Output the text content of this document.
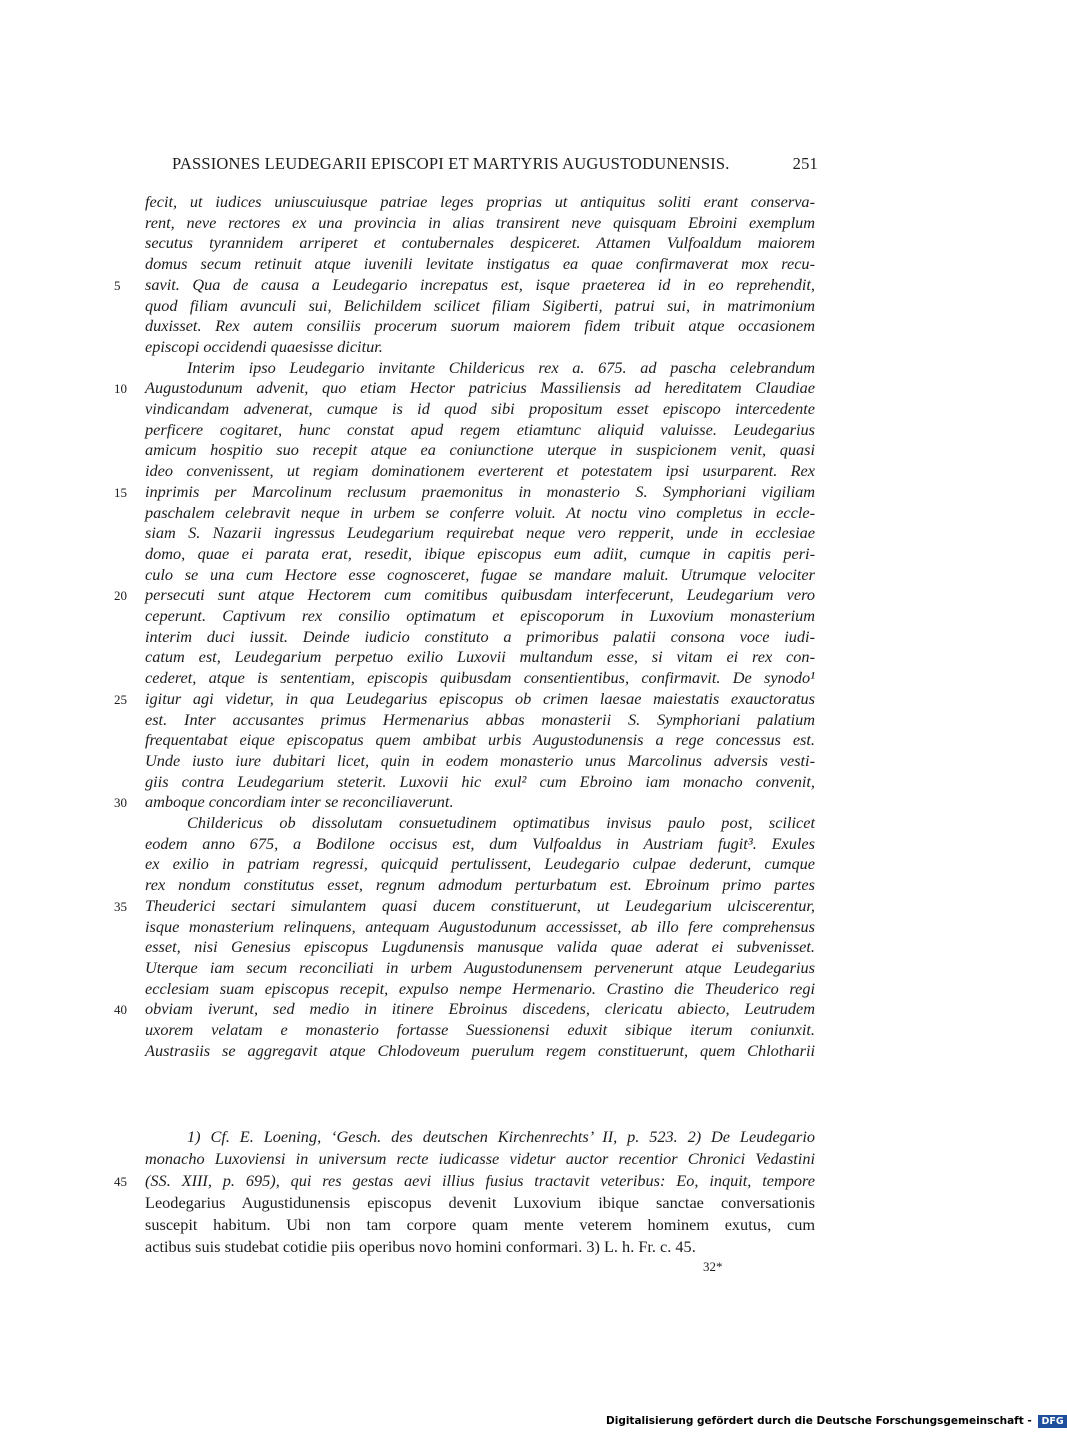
PASSIONES LEUDEGARII EPISCOPI ET MARTYRIS AUGUSTODUNENSIS.	251
fecit, ut iudices uniuscuiusque patriae leges proprias ut antiquitus soliti erant conserva-
rent, neve rectores ex una provincia in alias transirent neve quisquam Ebroini exemplum
secutus tyrannidem arriperet et contubernales despiceret. Attamen Vulfoaldum maiorem
domus secum retinuit atque iuvenili levitate instigatus ea quae confirmaverat mox recu-
savit. Qua de causa a Leudegario increpatus est, isque praeterea id in eo reprehendit,
quod filiam avunculi sui, Belichildem scilicet filiam Sigiberti, patrui sui, in matrimonium
duxisset. Rex autem consiliis procerum suorum maiorem fidem tribuit atque occasionem
episcopi occidendi quaesisse dicitur.
Interim ipso Leudegario invitante Childericus rex a. 675. ad pascha celebrandum
Augustodunum advenit, quo etiam Hector patricius Massiliensis ad hereditatem Claudiae
vindicandam advenerat, cumque is id quod sibi propositum esset episcopo intercedente
perficere cogitaret, hunc constat apud regem etiamtunc aliquid valuisse. Leudegarius
amicum hospitio suo recepit atque ea coniunctione uterque in suspicionem venit, quasi
ideo convenissent, ut regiam dominationem everterent et potestatem ipsi usurparent. Rex
inprimis per Marcolinum reclusum praemonitus in monasterio S. Symphoriani vigiliam
paschalem celebravit neque in urbem se conferre voluit. At noctu vino completus in eccle-
siam S. Nazarii ingressus Leudegarium requirebat neque vero repperit, unde in ecclesiae
domo, quae ei parata erat, resedit, ibique episcopus eum adiit, cumque in capitis peri-
culo se una cum Hectore esse cognosceret, fugae se mandare maluit. Utrumque velociter
persecuti sunt atque Hectorem cum comitibus quibusdam interfecerunt, Leudegarium vero
ceperunt. Captivum rex consilio optimatum et episcoporum in Luxovium monasterium
interim duci iussit. Deinde iudicio constituto a primoribus palatii consona voce iudi-
catum est, Leudegarium perpetuo exilio Luxovii multandum esse, si vitam ei rex con-
cederet, atque is sententiam, episcopis quibusdam consentientibus, confirmavit. De synodo¹
igitur agi videtur, in qua Leudegarius episcopus ob crimen laesae maiestatis exauctoratus
est. Inter accusantes primus Hermenarius abbas monasterii S. Symphoriani palatium
frequentabat eique episcopatus quem ambibat urbis Augustodunensis a rege concessus est.
Unde iusto iure dubitari licet, quin in eodem monasterio unus Marcolinus adversis vesti-
giis contra Leudegarium steterit. Luxovii hic exul² cum Ebroino iam monacho convenit,
amboque concordiam inter se reconciliaverunt.
Childericus ob dissolutam consuetudinem optimatibus invisus paulo post, scilicet
eodem anno 675, a Bodilone occisus est, dum Vulfoaldus in Austriam fugit³. Exules
ex exilio in patriam regressi, quicquid pertulissent, Leudegario culpae dederunt, cumque
rex nondum constitutus esset, regnum admodum perturbatum est. Ebroinum primo partes
Theuderici sectari simulantem quasi ducem constituerunt, ut Leudegarium ulciscerentur,
isque monasterium relinquens, antequam Augustodunum accessisset, ab illo fere comprehensus
esset, nisi Genesius episcopus Lugdunensis manusque valida quae aderat ei subvenisset.
Uterque iam secum reconciliati in urbem Augustodunensem pervenerunt atque Leudegarius
ecclesiam suam episcopus recepit, expulso nempe Hermenario. Crastino die Theuderico regi
obviam iverunt, sed medio in itinere Ebroinus discedens, clericatu abiecto, Leutrudem
uxorem velatam e monasterio fortasse Suessionensi eduxit sibique iterum coniunxit.
Austrasiis se aggregavit atque Chlodoveum puerulum regem constituerunt, quem Chlotharii
5
10
15
20
25
30
35
40
1) Cf. E. Loening, ‘Gesch. des deutschen Kirchenrechts’ II, p. 523. 2) De Leudegario
monacho Luxoviensi in universum recte iudicasse videtur auctor recentior Chronici Vedastini
(SS. XIII, p. 695), qui res gestas aevi illius fusius tractavit veteribus: Eo, inquit, tempore
Leodegarius Augustidunensis episcopus devenit Luxovium ibique sanctae conversationis
suscepit habitum. Ubi non tam corpore quam mente veterem hominem exutus, cum
actibus suis studebat cotidie piis operibus novo homini conformari. 3) L. h. Fr. c. 45.
45
32*
Digitalisierung gefördert durch die Deutsche Forschungsgemeinschaft - DFG
